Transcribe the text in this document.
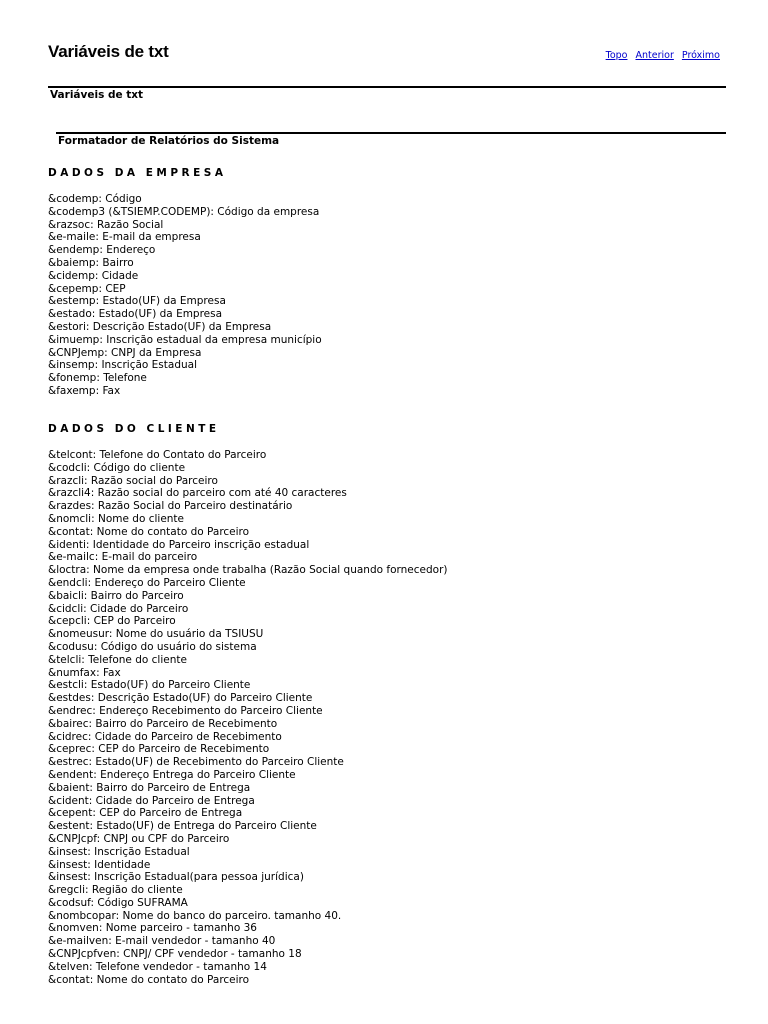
Variáveis de txt	Topo Anterior Próximo
Variáveis de txt
Formatador de Relatórios do Sistema
DADOS DA EMPRESA
&codemp: Código
&codemp3 (&TSIEMP.CODEMP): Código da empresa
&razsoc: Razão Social
&e-maile: E-mail da empresa
&endemp: Endereço
&baiemp: Bairro
&cidemp: Cidade
&cepemp: CEP
&estemp: Estado(UF) da Empresa
&estado: Estado(UF) da Empresa
&estori: Descrição Estado(UF) da Empresa
&imuemp: Inscrição estadual da empresa município
&CNPJemp: CNPJ da Empresa
&insemp: Inscrição Estadual
&fonemp: Telefone
&faxemp: Fax
DADOS DO CLIENTE
&telcont: Telefone do Contato do Parceiro
&codcli: Código do cliente
&razcli: Razão social do Parceiro
&razcli4: Razão social do parceiro com até 40 caracteres
&razdes: Razão Social do Parceiro destinatário
&nomcli: Nome do cliente
&contat: Nome do contato do Parceiro
&identi: Identidade do Parceiro inscrição estadual
&e-mailc: E-mail do parceiro
&loctra: Nome da empresa onde trabalha (Razão Social quando fornecedor)
&endcli: Endereço do Parceiro Cliente
&baicli: Bairro do Parceiro
&cidcli: Cidade do Parceiro
&cepcli: CEP do Parceiro
&nomeusur: Nome do usuário da TSIUSU
&codusu: Código do usuário do sistema
&telcli: Telefone do cliente
&numfax: Fax
&estcli: Estado(UF) do Parceiro Cliente
&estdes: Descrição Estado(UF) do Parceiro Cliente
&endrec: Endereço Recebimento do Parceiro Cliente
&bairec: Bairro do Parceiro de Recebimento
&cidrec: Cidade do Parceiro de Recebimento
&ceprec: CEP do Parceiro de Recebimento
&estrec: Estado(UF) de Recebimento do Parceiro Cliente
&endent: Endereço Entrega do Parceiro Cliente
&baient: Bairro do Parceiro de Entrega
&cident: Cidade do Parceiro de Entrega
&cepent: CEP do Parceiro de Entrega
&estent: Estado(UF) de Entrega do Parceiro Cliente
&CNPJcpf: CNPJ ou CPF do Parceiro
&insest: Inscrição Estadual
&insest: Identidade
&insest: Inscrição Estadual(para pessoa jurídica)
&regcli: Região do cliente
&codsuf: Código SUFRAMA
&nombcopar: Nome do banco do parceiro. tamanho 40.
&nomven: Nome parceiro - tamanho 36
&e-mailven: E-mail vendedor - tamanho 40
&CNPJcpfven: CNPJ/ CPF vendedor - tamanho 18
&telven: Telefone vendedor - tamanho 14
&contat: Nome do contato do Parceiro
